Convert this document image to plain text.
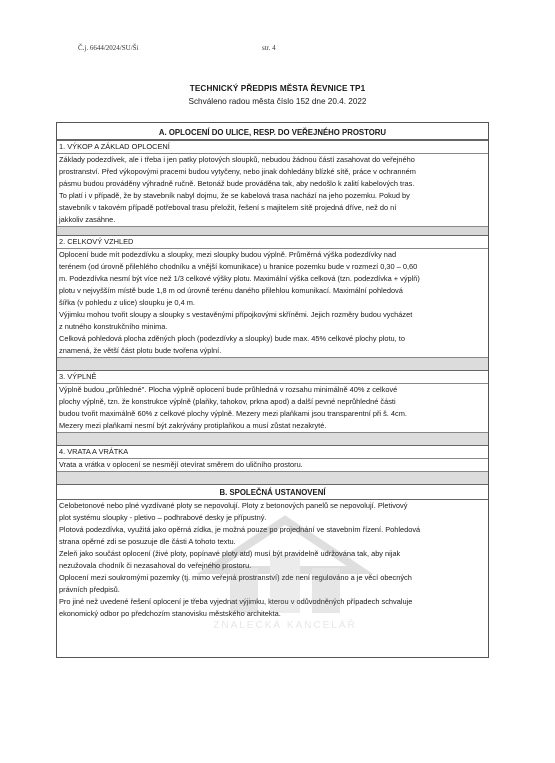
Č.j. 6644/2024/SU/Ši	str. 4
TECHNICKÝ PŘEDPIS MĚSTA ŘEVNICE TP1
Schváleno radou města číslo 152 dne 20.4. 2022
A. OPLOCENÍ DO ULICE, RESP. DO VEŘEJNÉHO PROSTORU
1. VÝKOP A ZÁKLAD OPLOCENÍ
Základy podezdívek, ale i třeba i jen patky plotových sloupků, nebudou žádnou částí zasahovat do veřejného
prostranství. Před výkopovými pracemi budou vytyčeny, nebo jinak dohledány blízké sítě, práce v ochranném
pásmu budou prováděny výhradně ručně. Betonáž bude prováděna tak, aby nedošlo k zalití kabelových tras.
To platí i v případě, že by stavebník nabyl dojmu, že se kabelová trasa nachází na jeho pozemku. Pokud by
stavebník v takovém případě potřeboval trasu přeložit, řešení s majitelem sítě projedná dříve, než do ní
jakkoliv zasáhne.
2. CELKOVÝ VZHLED
Oplocení bude mít podezdívku a sloupky, mezi sloupky budou výplně. Průměrná výška podezdívky nad
terénem (od úrovně přilehlého chodníku a vnější komunikace) u hranice pozemku bude v rozmezí 0,30 – 0,60
m. Podezdívka nesmí být více než 1/3 celkové výšky plotu. Maximální výška celková (tzn. podezdívka + výplň)
plotu v nejvyšším místě bude 1,8 m od úrovně terénu daného přilehlou komunikací. Maximální pohledová
šířka (v pohledu z ulice) sloupku je 0,4 m.
Výjimku mohou tvořit sloupy a sloupky s vestavěnými přípojkovými skříněmi. Jejich rozměry budou vycházet
z nutného konstrukčního minima.
Celková pohledová plocha zděných ploch (podezdívky a sloupky) bude max. 45% celkové plochy plotu, to
znamená, že větší část plotu bude tvořena výplní.
3. VÝPLNĚ
Výplně budou „průhledné". Plocha výplně oplocení bude průhledná v rozsahu minimálně 40% z celkové
plochy výplně, tzn. že konstrukce výplně (plaňky, tahokov, prkna apod) a další pevné neprůhledné části
budou tvořit maximálně 60% z celkové plochy výplně. Mezery mezi plaňkami jsou transparentní při š. 4cm.
Mezery mezi plaňkami nesmí být zakrývány protiplaňkou a musí zůstat nezakryté.
4. VRATA A VRÁTKA
Vrata a vrátka v oplocení se nesmějí otevírat směrem do uličního prostoru.
B. SPOLEČNÁ USTANOVENÍ
Celobetonové nebo plné vyzdívané ploty se nepovolují. Ploty z betonových panelů se nepovolují. Pletivový
plot systému sloupky - pletivo – podhrabové desky je přípustný.
Plotová podezdívka, využitá jako opěrná zídka, je možná pouze po projednání ve stavebním řízení. Pohledová
strana opěrné zdi se posuzuje dle části A tohoto textu.
Zeleň jako součást oplocení (živé ploty, popínavé ploty atd) musí být pravidelně udržována tak, aby nijak
nezužovala chodník či nezasahoval do veřejného prostoru.
Oplocení mezi soukromými pozemky (tj. mimo veřejná prostranství) zde není regulováno a je věcí obecných
právních předpisů.
Pro jiné než uvedené řešení oplocení je třeba vyjednat výjimku, kterou v odůvodněných případech schvaluje
ekonomický odbor po předchozím stanovisku městského architekta.
ZNALECKÁ KANCELÁŘ
